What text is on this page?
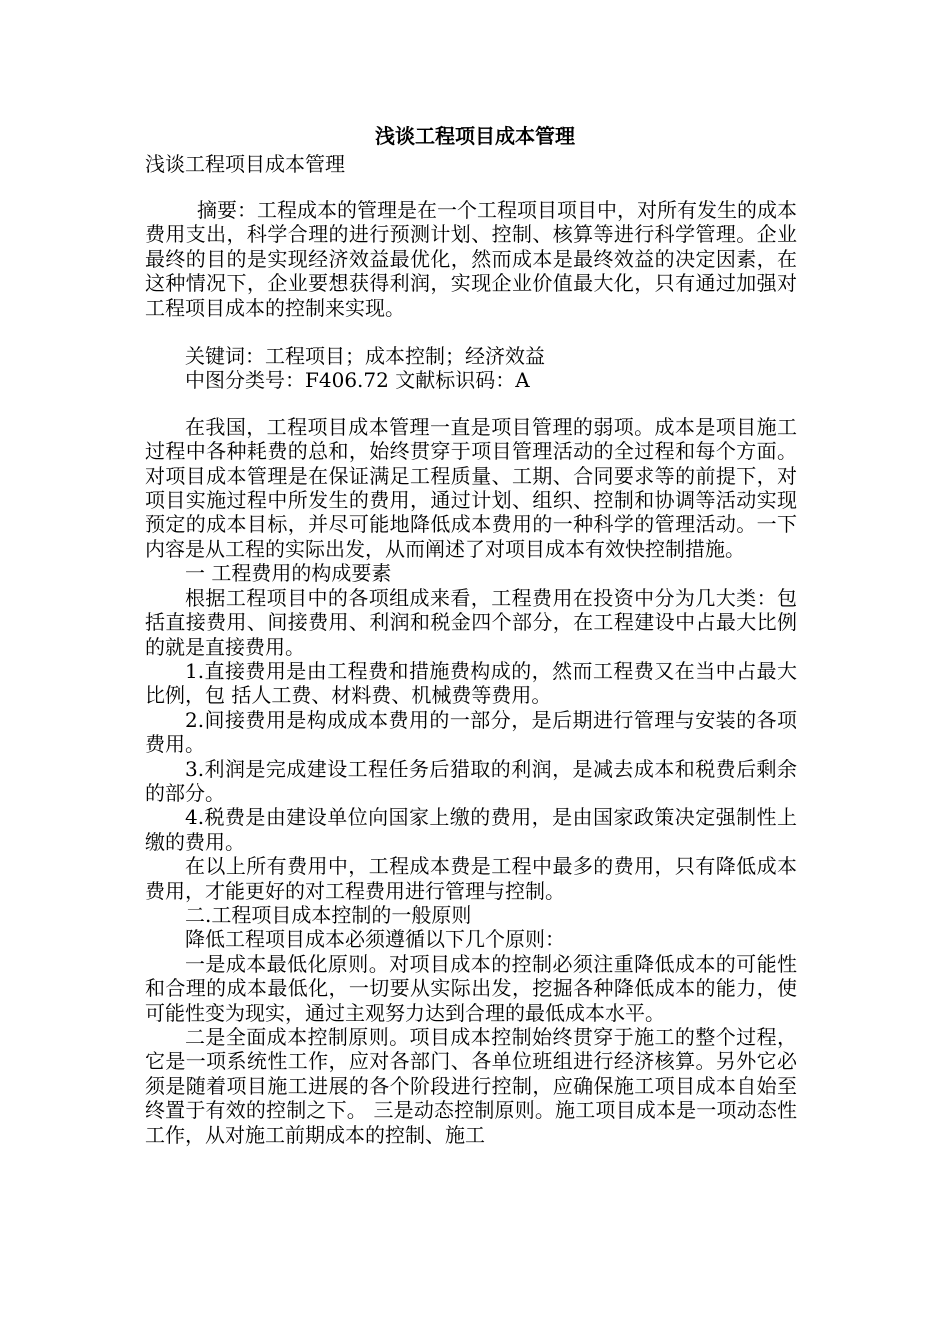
浅谈工程项目成本管理
浅谈工程项目成本管理

摘要：工程成本的管理是在一个工程项目项目中，对所有发生的成本费用支出，科学合理的进行预测计划、控制、核算等进行科学管理。企业最终的目的是实现经济效益最优化，然而成本是最终效益的决定因素，在这种情况下，企业要想获得利润，实现企业价值最大化，只有通过加强对工程项目成本的控制来实现。

关键词：工程项目；成本控制；经济效益

中图分类号：F406.72 文献标识码：A

在我国，工程项目成本管理一直是项目管理的弱项。成本是项目施工过程中各种耗费的总和，始终贯穿于项目管理活动的全过程和每个方面。 对项目成本管理是在保证满足工程质量、工期、合同要求等的前提下，对项目实施过程中所发生的费用，通过计划、组织、控制和协调等活动实现预定的成本目标，并尽可能地降低成本费用的一种科学的管理活动。一下内容是从工程的实际出发，从而阐述了对项目成本有效快控制措施。

一 工程费用的构成要素

根据工程项目中的各项组成来看，工程费用在投资中分为几大类：包括直接费用、间接费用、利润和税金四个部分，在工程建设中占最大比例的就是直接费用。

1.直接费用是由工程费和措施费构成的，然而工程费又在当中占最大比例，包 括人工费、材料费、机械费等费用。

2.间接费用是构成成本费用的一部分，是后期进行管理与安装的各项费用。

3.利润是完成建设工程任务后猎取的利润，是减去成本和税费后剩余的部分。

4.税费是由建设单位向国家上缴的费用，是由国家政策决定强制性上缴的费用。

在以上所有费用中，工程成本费是工程中最多的费用，只有降低成本费用，才能更好的对工程费用进行管理与控制。

二.工程项目成本控制的一般原则

降低工程项目成本必须遵循以下几个原则：

一是成本最低化原则。对项目成本的控制必须注重降低成本的可能性和合理的成本最低化，一切要从实际出发，挖掘各种降低成本的能力，使可能性变为现实，通过主观努力达到合理的最低成本水平。

二是全面成本控制原则。项目成本控制始终贯穿于施工的整个过程，它是一项系统性工作，应对各部门、各单位班组进行经济核算。另外它必须是随着项目施工进展的各个阶段进行控制，应确保施工项目成本自始至终置于有效的控制之下。 三是动态控制原则。施工项目成本是一项动态性工作，从对施工前期成本的控制、施工
